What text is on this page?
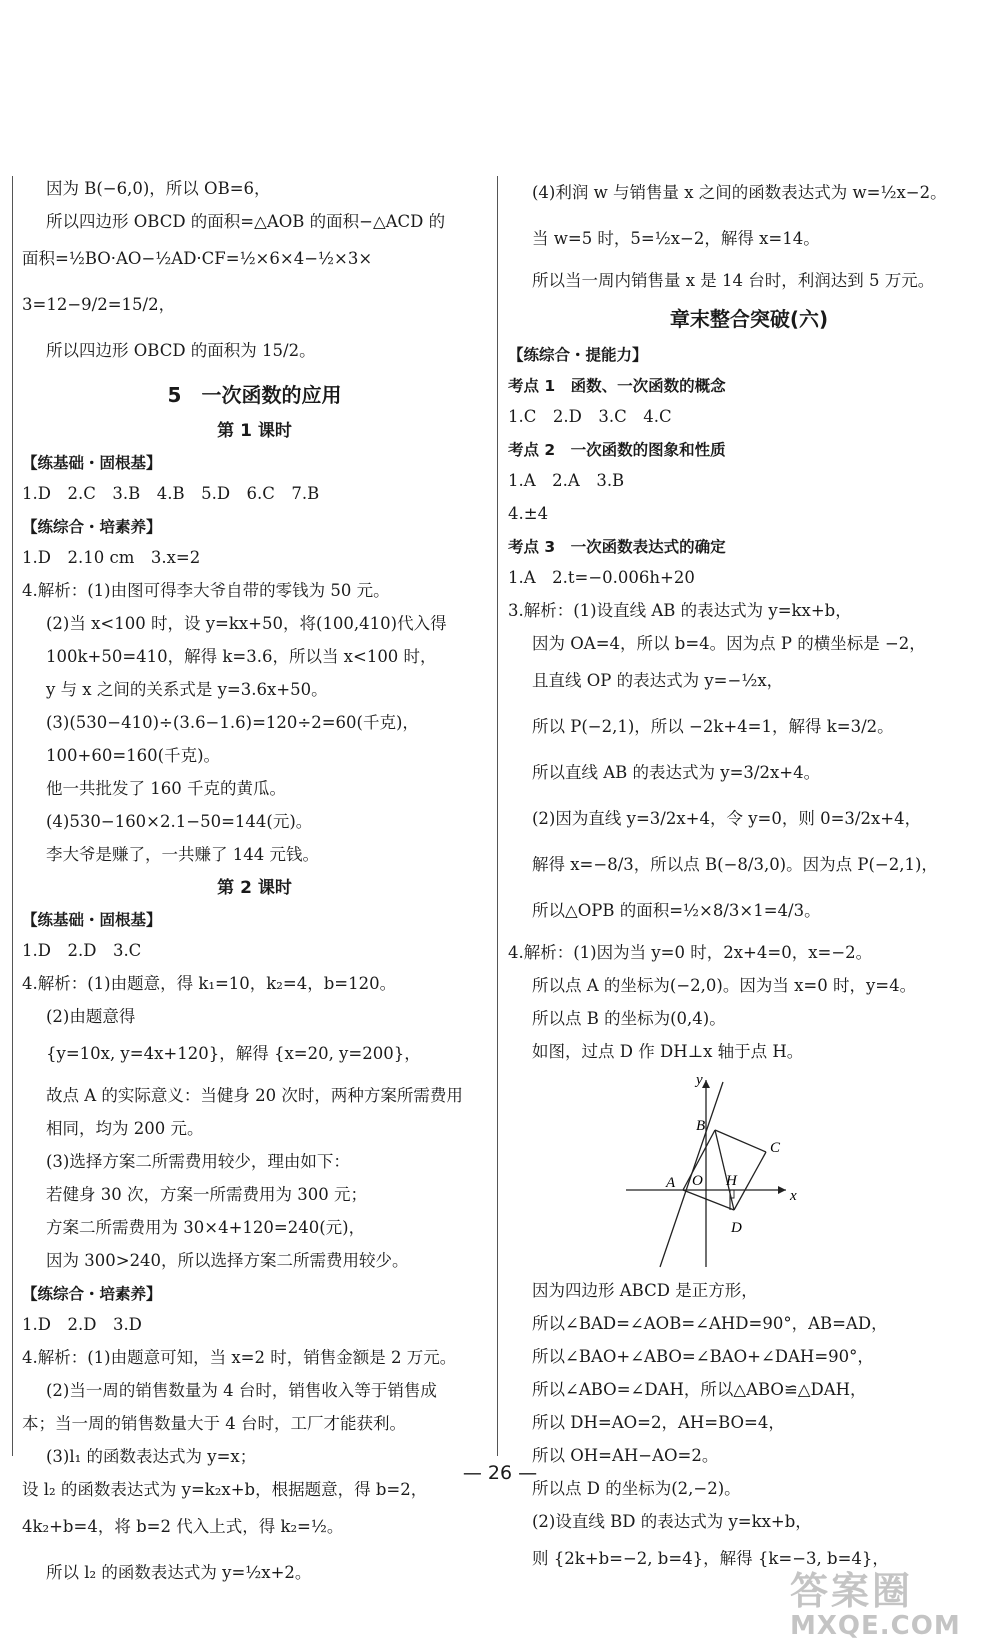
因为 B(−6,0)，所以 OB=6，
所以四边形 OBCD 的面积=△AOB 的面积−△ACD 的
面积=½BO·AO−½AD·CF=½×6×4−½×3×
3=12−9/2=15/2，
所以四边形 OBCD 的面积为 15/2。
5　一次函数的应用
第 1 课时
【练基础・固根基】
1.D　2.C　3.B　4.B　5.D　6.C　7.B
【练综合・培素养】
1.D　2.10 cm　3.x=2
4.解析：(1)由图可得李大爷自带的零钱为 50 元。
(2)当 x<100 时，设 y=kx+50，将(100,410)代入得
100k+50=410，解得 k=3.6，所以当 x<100 时，
y 与 x 之间的关系式是 y=3.6x+50。
(3)(530−410)÷(3.6−1.6)=120÷2=60(千克)，
100+60=160(千克)。
他一共批发了 160 千克的黄瓜。
(4)530−160×2.1−50=144(元)。
李大爷是赚了，一共赚了 144 元钱。
第 2 课时
【练基础・固根基】
1.D　2.D　3.C
4.解析：(1)由题意，得 k₁=10，k₂=4，b=120。
(2)由题意得
{y=10x, y=4x+120}，解得 {x=20, y=200}，
故点 A 的实际意义：当健身 20 次时，两种方案所需费用
相同，均为 200 元。
(3)选择方案二所需费用较少，理由如下：
若健身 30 次，方案一所需费用为 300 元；
方案二所需费用为 30×4+120=240(元)，
因为 300>240，所以选择方案二所需费用较少。
【练综合・培素养】
1.D　2.D　3.D
4.解析：(1)由题意可知，当 x=2 时，销售金额是 2 万元。
(2)当一周的销售数量为 4 台时，销售收入等于销售成
本；当一周的销售数量大于 4 台时，工厂才能获利。
(3)l₁ 的函数表达式为 y=x；
设 l₂ 的函数表达式为 y=k₂x+b，根据题意，得 b=2，
4k₂+b=4，将 b=2 代入上式，得 k₂=½。
所以 l₂ 的函数表达式为 y=½x+2。
(4)利润 w 与销售量 x 之间的函数表达式为 w=½x−2。
当 w=5 时，5=½x−2，解得 x=14。
所以当一周内销售量 x 是 14 台时，利润达到 5 万元。
章末整合突破(六)
【练综合・提能力】
考点 1　函数、一次函数的概念
1.C　2.D　3.C　4.C
考点 2　一次函数的图象和性质
1.A　2.A　3.B
4.±4
考点 3　一次函数表达式的确定
1.A　2.t=−0.006h+20
3.解析：(1)设直线 AB 的表达式为 y=kx+b，
因为 OA=4，所以 b=4。因为点 P 的横坐标是 −2，
且直线 OP 的表达式为 y=−½x，
所以 P(−2,1)，所以 −2k+4=1，解得 k=3/2。
所以直线 AB 的表达式为 y=3/2x+4。
(2)因为直线 y=3/2x+4，令 y=0，则 0=3/2x+4，
解得 x=−8/3，所以点 B(−8/3,0)。因为点 P(−2,1)，
所以△OPB 的面积=½×8/3×1=4/3。
4.解析：(1)因为当 y=0 时，2x+4=0，x=−2。
所以点 A 的坐标为(−2,0)。因为当 x=0 时，y=4。
所以点 B 的坐标为(0,4)。
如图，过点 D 作 DH⊥x 轴于点 H。
y
x
A
B
C
D
O H
因为四边形 ABCD 是正方形，
所以∠BAD=∠AOB=∠AHD=90°，AB=AD，
所以∠BAO+∠ABO=∠BAO+∠DAH=90°，
所以∠ABO=∠DAH，所以△ABO≌△DAH，
所以 DH=AO=2，AH=BO=4，
所以 OH=AH−AO=2。
所以点 D 的坐标为(2,−2)。
(2)设直线 BD 的表达式为 y=kx+b，
则 {2k+b=−2, b=4}，解得 {k=−3, b=4}，
— 26 —
答案圈
MXQE.COM
